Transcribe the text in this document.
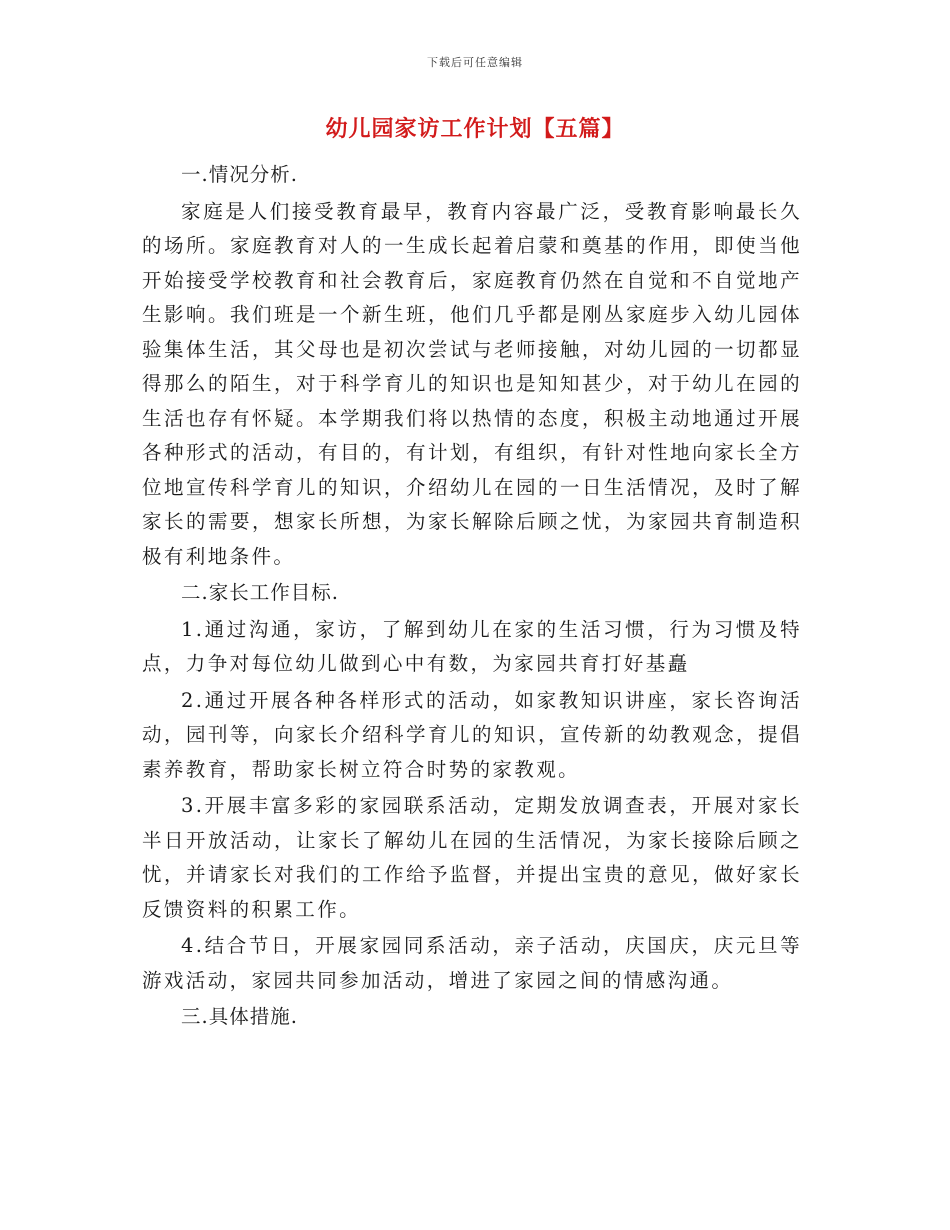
下载后可任意编辑
幼儿园家访工作计划【五篇】

一.情况分析.

家庭是人们接受教育最早，教育内容最广泛，受教育影响最长久的场所。家庭教育对人的一生成长起着启蒙和奠基的作用，即使当他开始接受学校教育和社会教育后，家庭教育仍然在自觉和不自觉地产生影响。我们班是一个新生班，他们几乎都是刚丛家庭步入幼儿园体验集体生活，其父母也是初次尝试与老师接触，对幼儿园的一切都显得那么的陌生，对于科学育儿的知识也是知知甚少，对于幼儿在园的生活也存有怀疑。本学期我们将以热情的态度，积极主动地通过开展各种形式的活动，有目的，有计划，有组织，有针对性地向家长全方位地宣传科学育儿的知识，介绍幼儿在园的一日生活情况，及时了解家长的需要，想家长所想，为家长解除后顾之忧，为家园共育制造积极有利地条件。

二.家长工作目标.

1.通过沟通，家访，了解到幼儿在家的生活习惯，行为习惯及特点，力争对每位幼儿做到心中有数，为家园共育打好基矗

2.通过开展各种各样形式的活动，如家教知识讲座，家长咨询活动，园刊等，向家长介绍科学育儿的知识，宣传新的幼教观念，提倡素养教育，帮助家长树立符合时势的家教观。

3.开展丰富多彩的家园联系活动，定期发放调查表，开展对家长半日开放活动，让家长了解幼儿在园的生活情况，为家长接除后顾之忧，并请家长对我们的工作给予监督，并提出宝贵的意见，做好家长反馈资料的积累工作。

4.结合节日，开展家园同系活动，亲子活动，庆国庆，庆元旦等游戏活动，家园共同参加活动，增进了家园之间的情感沟通。

三.具体措施.
